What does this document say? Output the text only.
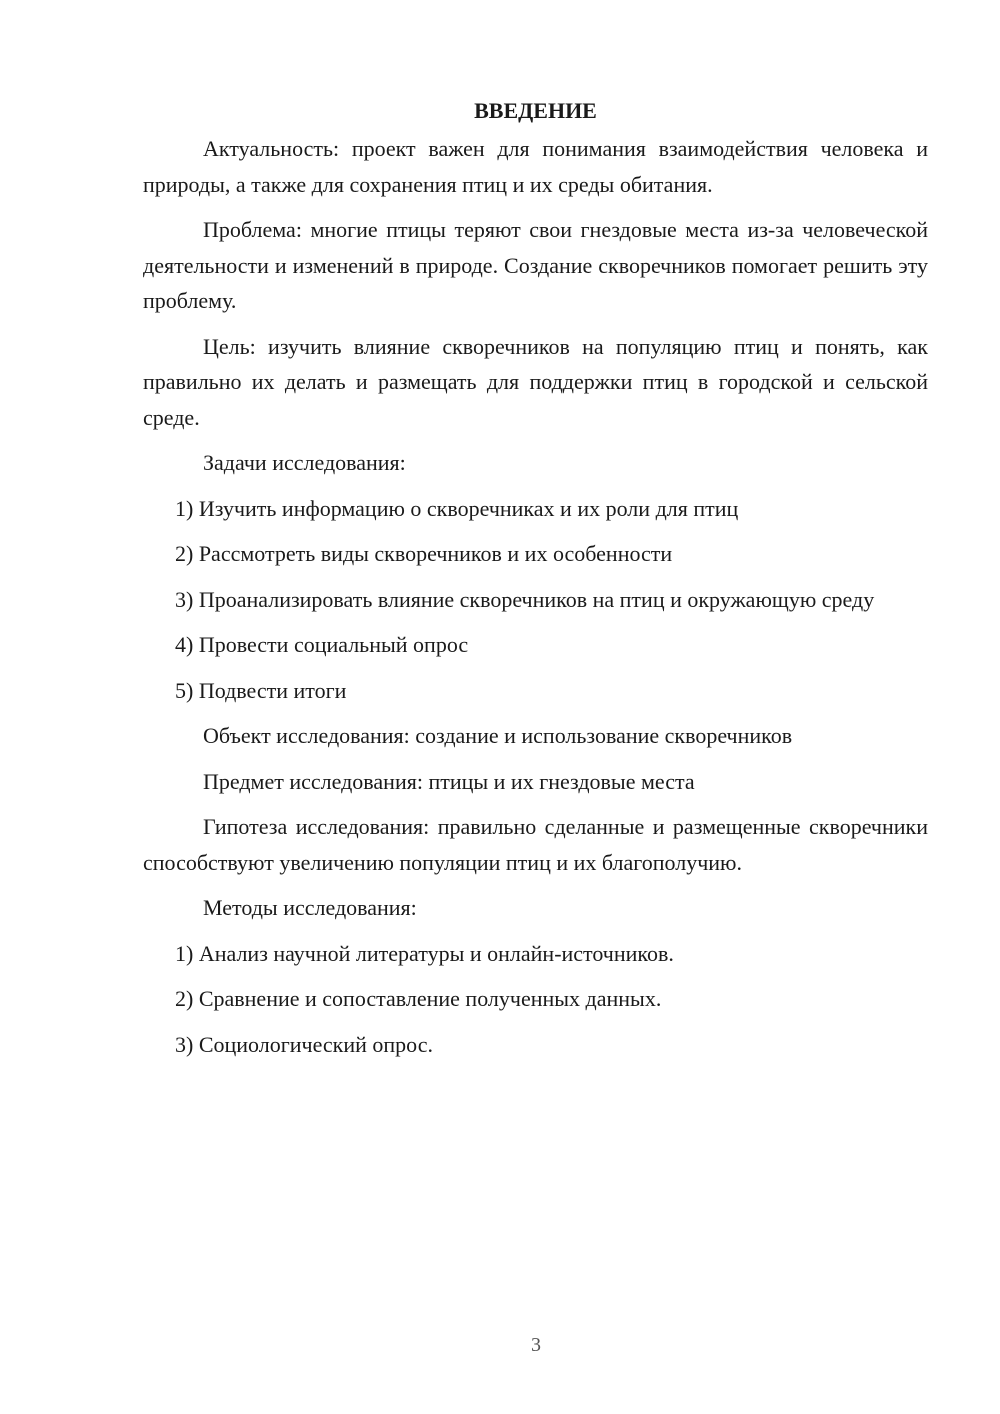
ВВЕДЕНИЕ

Актуальность: проект важен для понимания взаимодействия человека и природы, а также для сохранения птиц и их среды обитания.

Проблема: многие птицы теряют свои гнездовые места из-за человеческой деятельности и изменений в природе. Создание скворечников помогает решить эту проблему.

Цель: изучить влияние скворечников на популяцию птиц и понять, как правильно их делать и размещать для поддержки птиц в городской и сельской среде.

Задачи исследования:

1) Изучить информацию о скворечниках и их роли для птиц

2) Рассмотреть виды скворечников и их особенности

3) Проанализировать влияние скворечников на птиц и окружающую среду

4) Провести социальный опрос

5) Подвести итоги

Объект исследования: создание и использование скворечников

Предмет исследования: птицы и их гнездовые места

Гипотеза исследования: правильно сделанные и размещенные скворечники способствуют увеличению популяции птиц и их благополучию.

Методы исследования:

1) Анализ научной литературы и онлайн-источников.

2) Сравнение и сопоставление полученных данных.

3) Социологический опрос.

3
